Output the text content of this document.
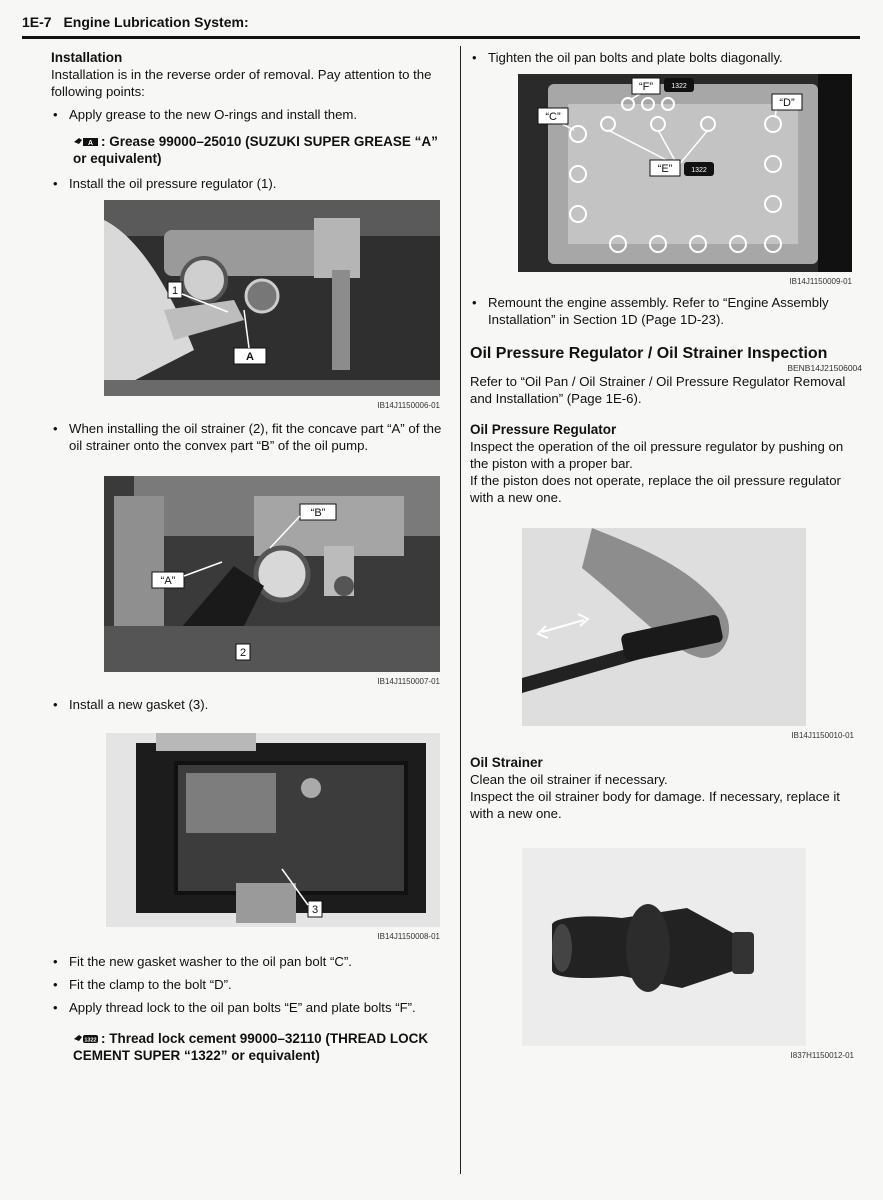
1E-7 Engine Lubrication System:
Installation

Installation is in the reverse order of removal. Pay attention to the following points:

• Apply grease to the new O-rings and install them.
A : Grease 99000–25010 (SUZUKI SUPER GREASE “A” or equivalent)
• Install the oil pressure regulator (1).
1
A
IB14J1150006-01
• When installing the oil strainer (2), fit the concave part “A” of the oil strainer onto the convex part “B” of the oil pump.
“B”
“A”
2
IB14J1150007-01
• Install a new gasket (3).
3
IB14J1150008-01
• Fit the new gasket washer to the oil pan bolt “C”.
• Fit the clamp to the bolt “D”.
• Apply thread lock to the oil pan bolts “E” and plate bolts “F”.
1322 : Thread lock cement 99000–32110 (THREAD LOCK CEMENT SUPER “1322” or equivalent)
• Tighten the oil pan bolts and plate bolts diagonally.
“F”	1322
“C”
“D”
“E”	1322
IB14J1150009-01
• Remount the engine assembly. Refer to “Engine Assembly Installation” in Section 1D (Page 1D-23).
Oil Pressure Regulator / Oil Strainer Inspection
BENB14J21506004

Refer to “Oil Pan / Oil Strainer / Oil Pressure Regulator Removal and Installation” (Page 1E-6).

Oil Pressure Regulator

Inspect the operation of the oil pressure regulator by pushing on the piston with a proper bar.

If the piston does not operate, replace the oil pressure regulator with a new one.

IB14J1150010-01
Oil Strainer

Clean the oil strainer if necessary.

Inspect the oil strainer body for damage. If necessary, replace it with a new one.

I837H1150012-01
